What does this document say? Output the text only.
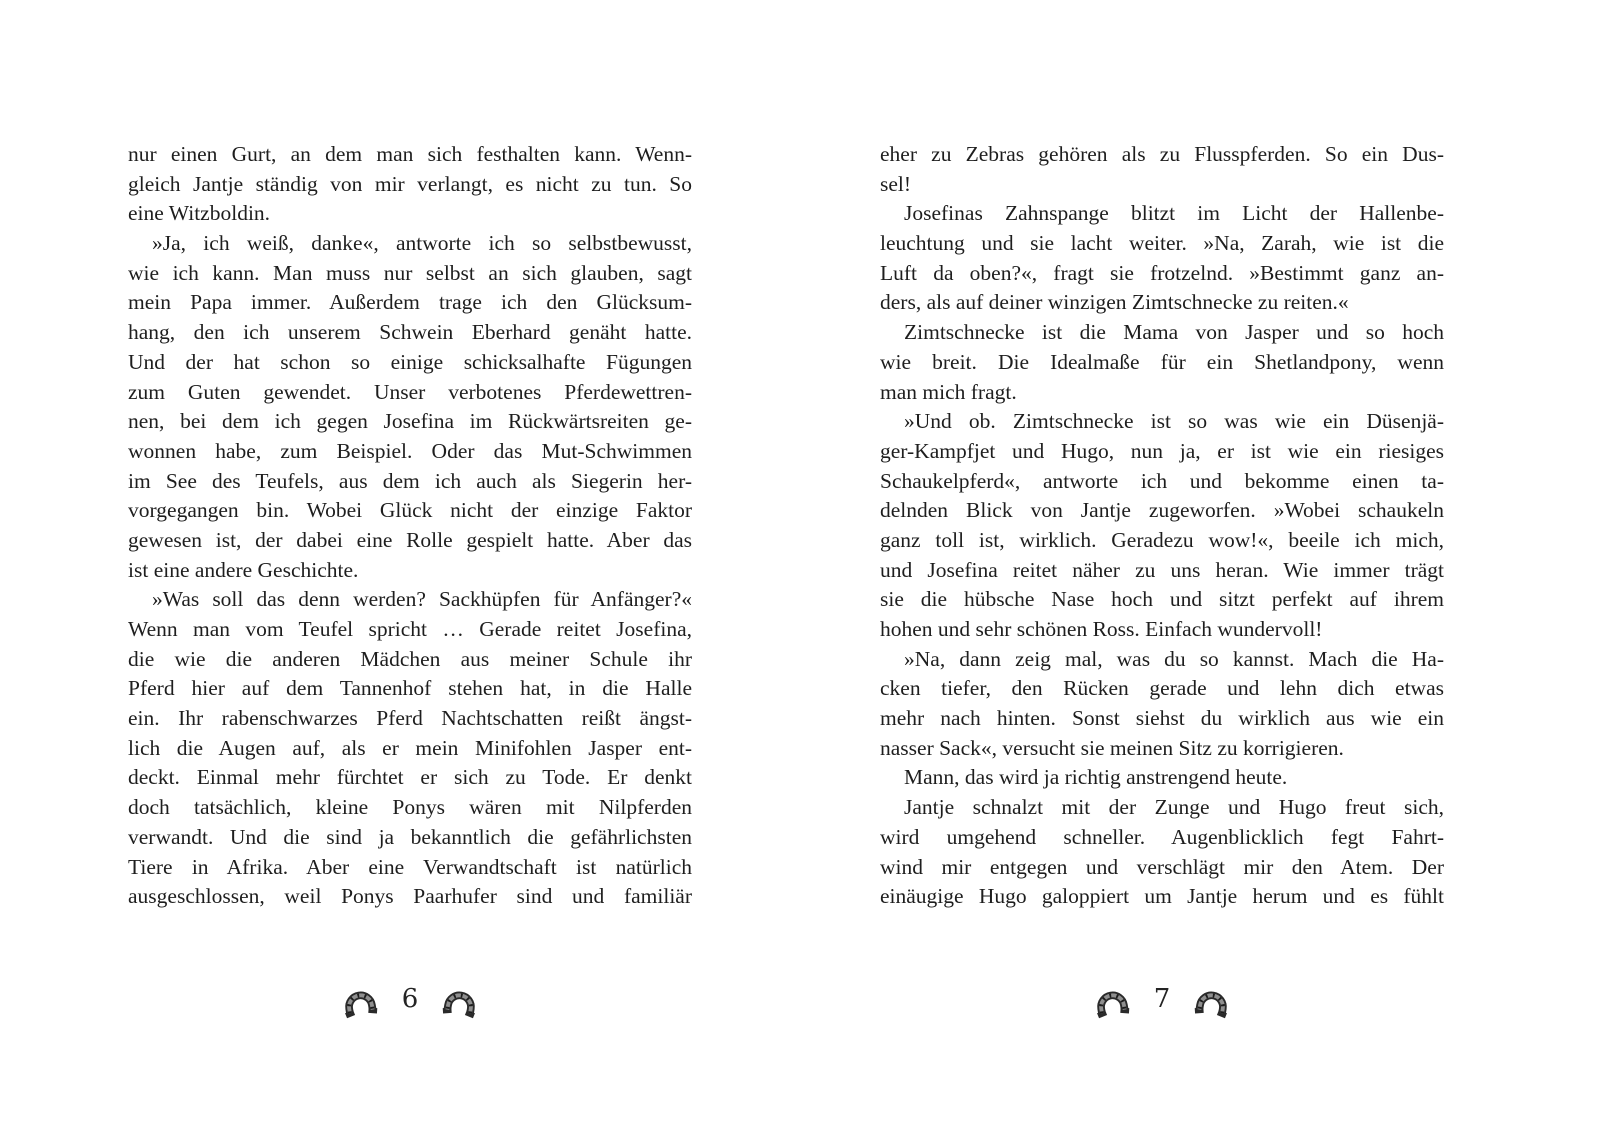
nur einen Gurt, an dem man sich festhalten kann. Wenn-
gleich Jantje ständig von mir verlangt, es nicht zu tun. So
eine Witzboldin.
»Ja, ich weiß, danke«, antworte ich so selbstbewusst,
wie ich kann. Man muss nur selbst an sich glauben, sagt
mein Papa immer. Außerdem trage ich den Glücksum-
hang, den ich unserem Schwein Eberhard genäht hatte.
Und der hat schon so einige schicksalhafte Fügungen
zum Guten gewendet. Unser verbotenes Pferdewettren-
nen, bei dem ich gegen Josefina im Rückwärtsreiten ge-
wonnen habe, zum Beispiel. Oder das Mut-Schwimmen
im See des Teufels, aus dem ich auch als Siegerin her-
vorgegangen bin. Wobei Glück nicht der einzige Faktor
gewesen ist, der dabei eine Rolle gespielt hatte. Aber das
ist eine andere Geschichte.
»Was soll das denn werden? Sackhüpfen für Anfänger?«
Wenn man vom Teufel spricht … Gerade reitet Josefina,
die wie die anderen Mädchen aus meiner Schule ihr
Pferd hier auf dem Tannenhof stehen hat, in die Halle
ein. Ihr rabenschwarzes Pferd Nachtschatten reißt ängst-
lich die Augen auf, als er mein Minifohlen Jasper ent-
deckt. Einmal mehr fürchtet er sich zu Tode. Er denkt
doch tatsächlich, kleine Ponys wären mit Nilpferden
verwandt. Und die sind ja bekanntlich die gefährlichsten
Tiere in Afrika. Aber eine Verwandtschaft ist natürlich
ausgeschlossen, weil Ponys Paarhufer sind und familiär
eher zu Zebras gehören als zu Flusspferden. So ein Dus-
sel!
Josefinas Zahnspange blitzt im Licht der Hallenbe-
leuchtung und sie lacht weiter. »Na, Zarah, wie ist die
Luft da oben?«, fragt sie frotzelnd. »Bestimmt ganz an-
ders, als auf deiner winzigen Zimtschnecke zu reiten.«
Zimtschnecke ist die Mama von Jasper und so hoch
wie breit. Die Idealmaße für ein Shetlandpony, wenn
man mich fragt.
»Und ob. Zimtschnecke ist so was wie ein Düsenjä-
ger-Kampfjet und Hugo, nun ja, er ist wie ein riesiges
Schaukelpferd«, antworte ich und bekomme einen ta-
delnden Blick von Jantje zugeworfen. »Wobei schaukeln
ganz toll ist, wirklich. Geradezu wow!«, beeile ich mich,
und Josefina reitet näher zu uns heran. Wie immer trägt
sie die hübsche Nase hoch und sitzt perfekt auf ihrem
hohen und sehr schönen Ross. Einfach wundervoll!
»Na, dann zeig mal, was du so kannst. Mach die Ha-
cken tiefer, den Rücken gerade und lehn dich etwas
mehr nach hinten. Sonst siehst du wirklich aus wie ein
nasser Sack«, versucht sie meinen Sitz zu korrigieren.
Mann, das wird ja richtig anstrengend heute.
Jantje schnalzt mit der Zunge und Hugo freut sich,
wird umgehend schneller. Augenblicklich fegt Fahrt-
wind mir entgegen und verschlägt mir den Atem. Der
einäugige Hugo galoppiert um Jantje herum und es fühlt
6	7
